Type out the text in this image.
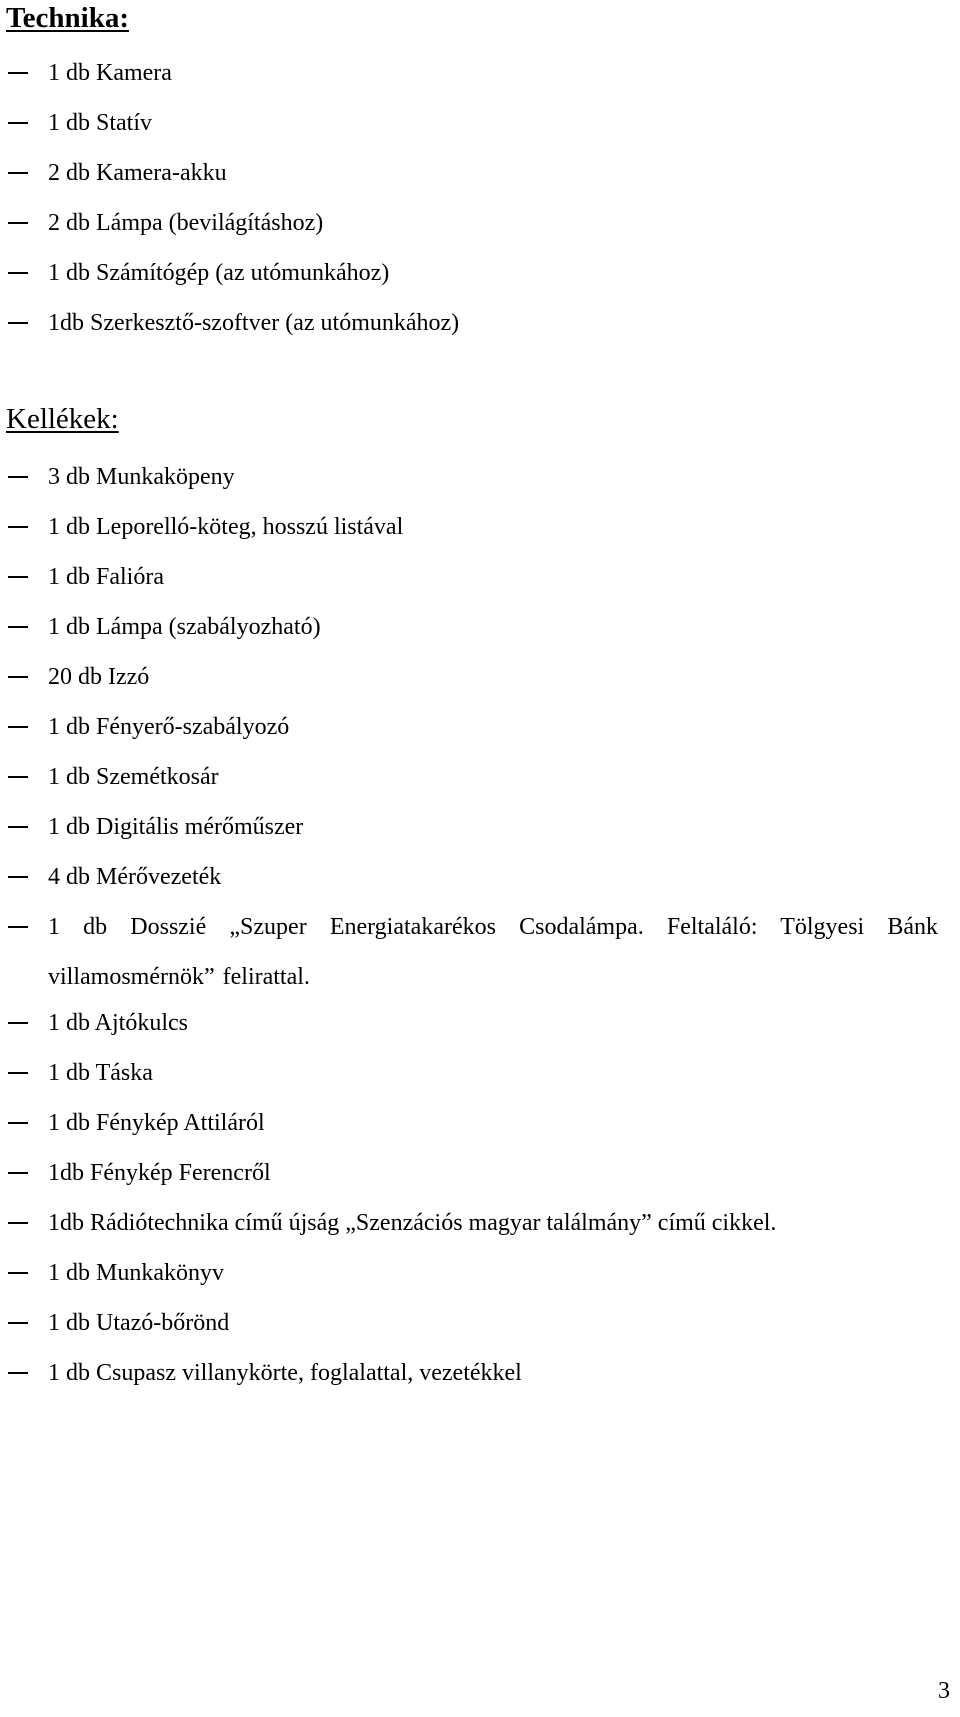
Technika:
1 db Kamera
1 db Statív
2 db Kamera-akku
2 db Lámpa (bevilágításhoz)
1 db Számítógép (az utómunkához)
1db Szerkesztő-szoftver (az utómunkához)
Kellékek:
3 db Munkaköpeny
1 db Leporelló-köteg, hosszú listával
1 db Falióra
1 db Lámpa (szabályozható)
20 db Izzó
1 db Fényerő-szabályozó
1 db Szemétkosár
1 db Digitális mérőműszer
4 db Mérővezeték
1 db Dosszié „Szuper Energiatakarékos Csodalámpa. Feltaláló: Tölgyesi Bánk villamosmérnök” felirattal.
1 db Ajtókulcs
1 db Táska
1 db Fénykép Attiláról
1db Fénykép Ferencről
1db Rádiótechnika című újság „Szenzációs magyar találmány” című cikkel.
1 db Munkakönyv
1 db Utazó-bőrönd
1 db Csupasz villanykörte, foglalattal, vezetékkel
3
